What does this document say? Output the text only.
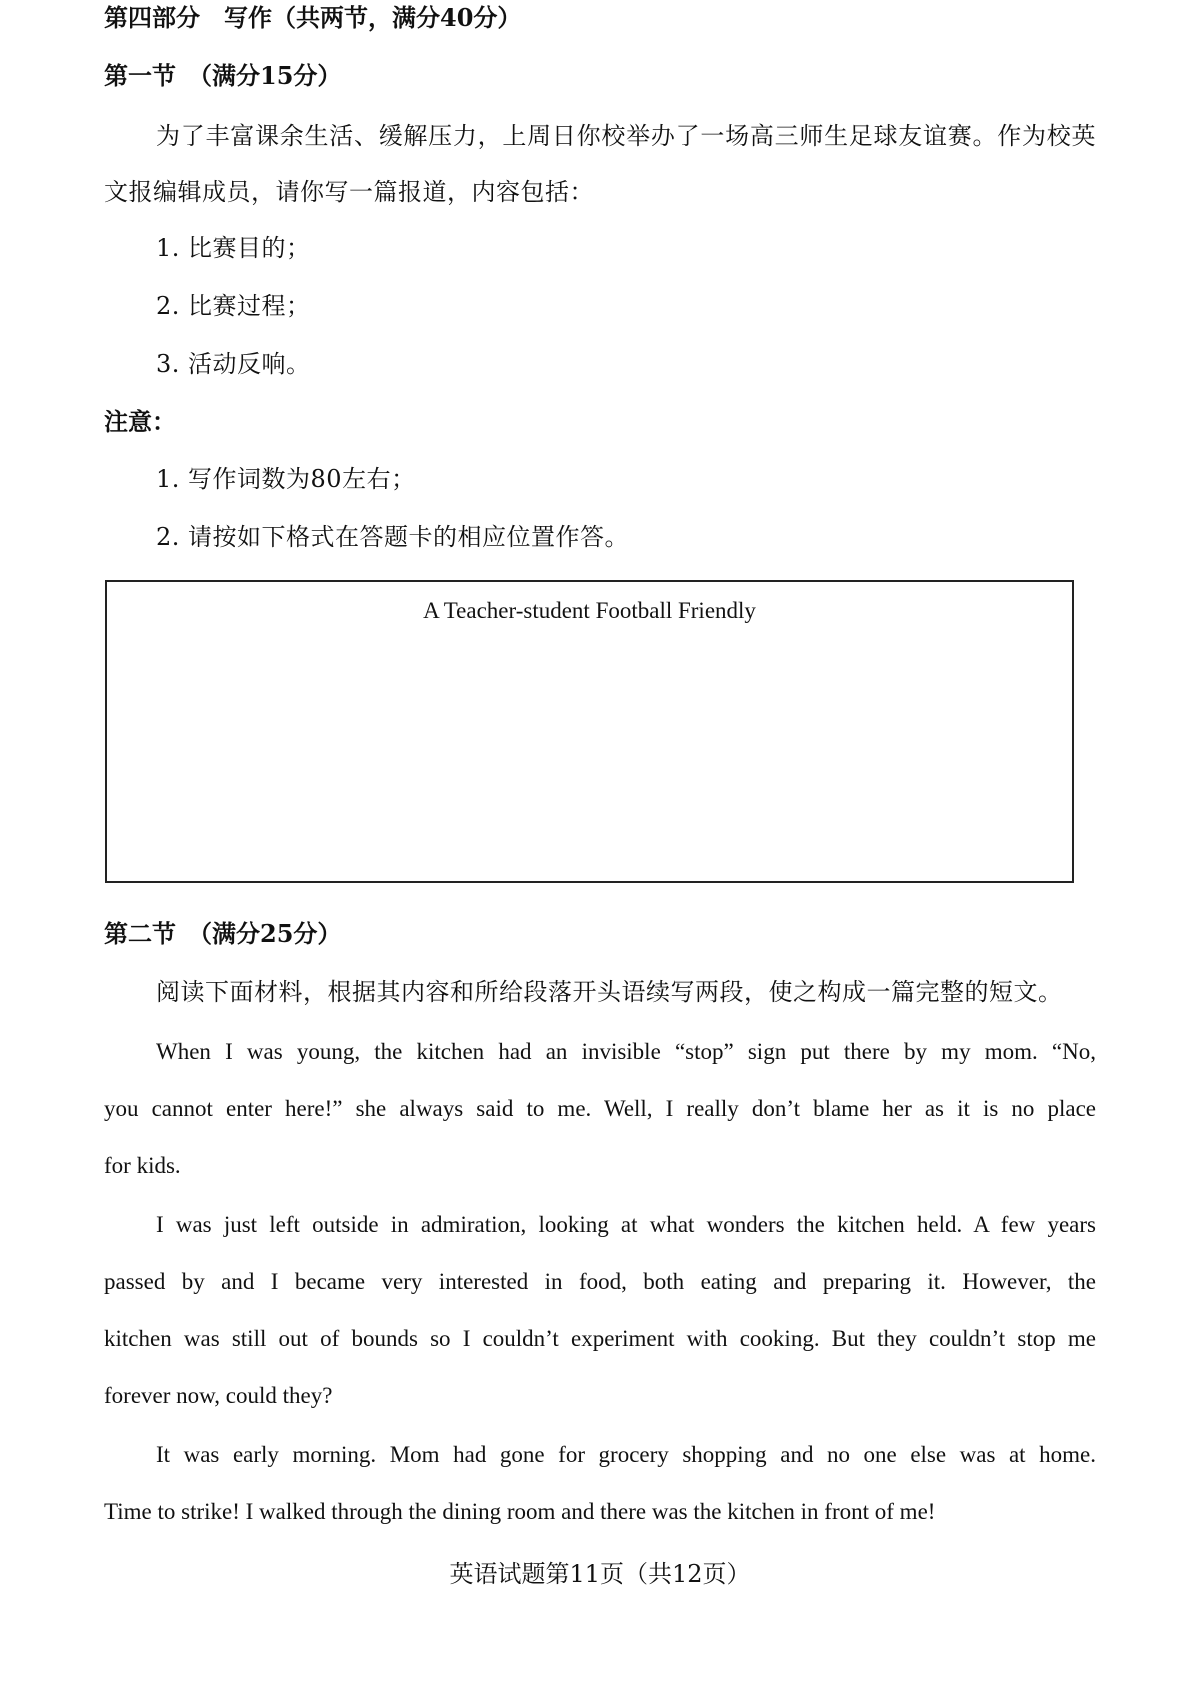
第四部分　写作（共两节，满分40分）
第一节　（满分15分）
为了丰富课余生活、缓解压力，上周日你校举办了一场高三师生足球友谊赛。作为校英
文报编辑成员，请你写一篇报道，内容包括：
1. 比赛目的；
2. 比赛过程；
3. 活动反响。
注意：
1. 写作词数为80左右；
2. 请按如下格式在答题卡的相应位置作答。
A Teacher-student Football Friendly
第二节　（满分25分）
阅读下面材料，根据其内容和所给段落开头语续写两段，使之构成一篇完整的短文。
When I was young, the kitchen had an invisible “stop” sign put there by my mom. “No,
you cannot enter here!” she always said to me. Well, I really don’t blame her as it is no place
for kids.
I was just left outside in admiration, looking at what wonders the kitchen held. A few years
passed by and I became very interested in food, both eating and preparing it. However, the
kitchen was still out of bounds so I couldn’t experiment with cooking. But they couldn’t stop me
forever now, could they?
It was early morning. Mom had gone for grocery shopping and no one else was at home.
Time to strike! I walked through the dining room and there was the kitchen in front of me!
英语试题第11页（共12页）
